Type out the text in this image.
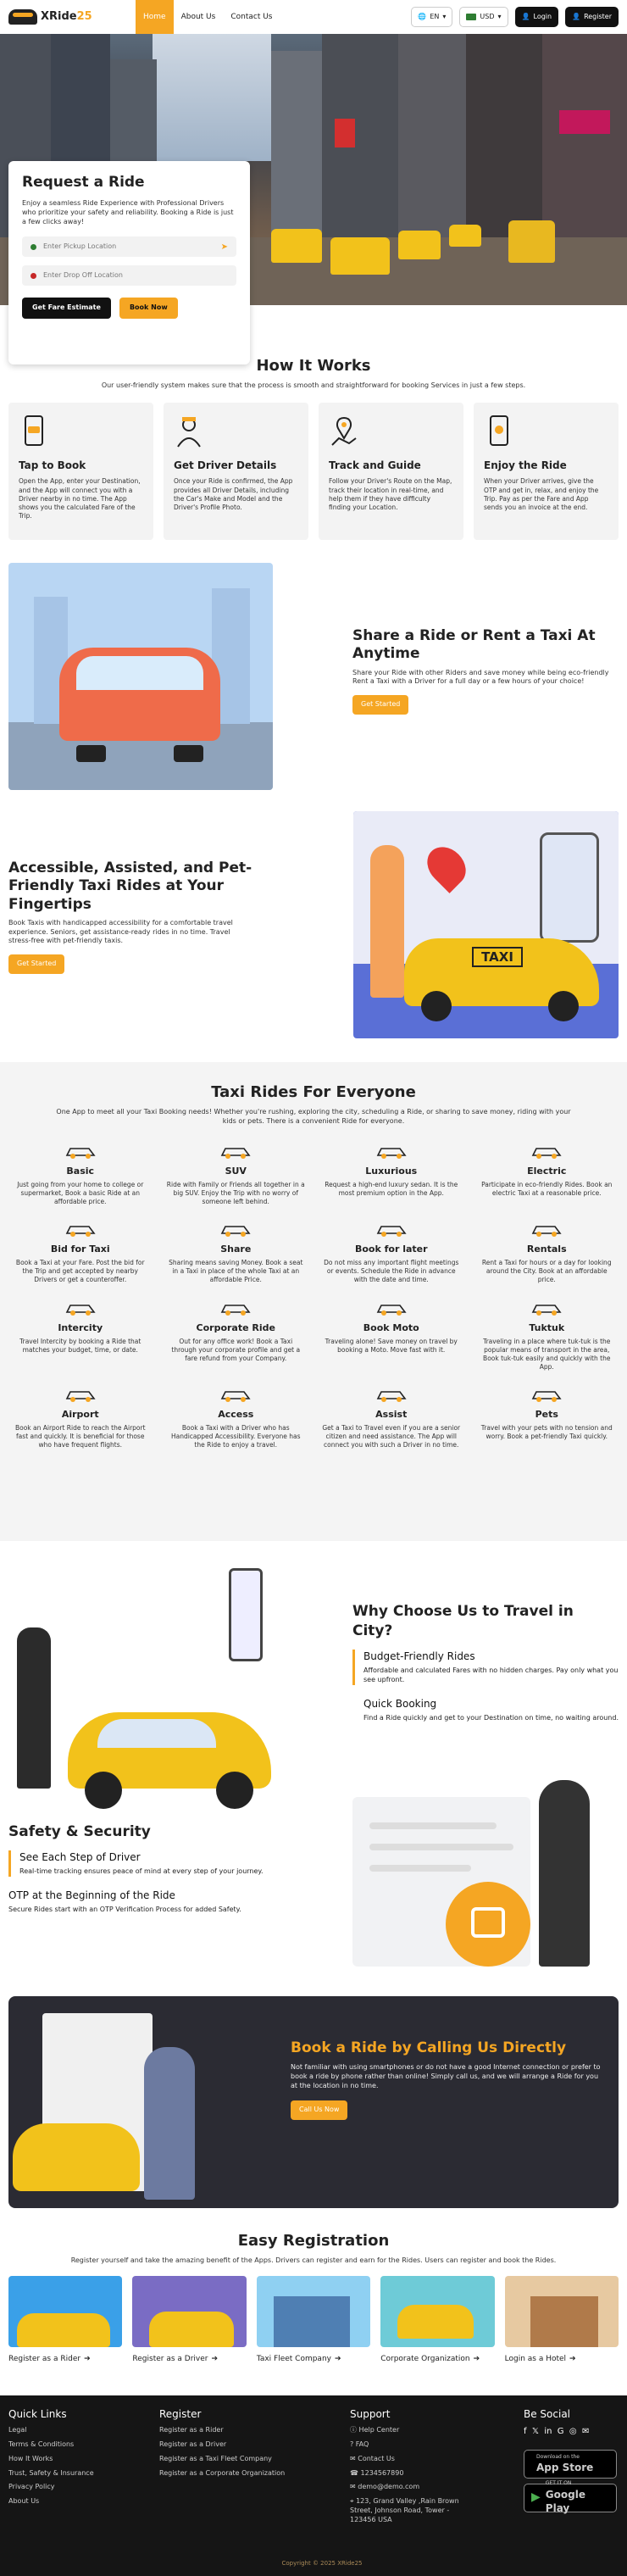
XRide25	Home	About Us	Contact Us	🌐 EN ▾	USD ▾	👤 Login	👤 Register
Request a Ride

Enjoy a seamless Ride Experience with Professional Drivers who prioritize your safety and reliability. Booking a Ride is just a few clicks away!

Enter Pickup Location	➤
Enter Drop Off Location
Get Fare Estimate	Book Now
How It Works
Our user-friendly system makes sure that the process is smooth and straightforward for booking Services in just a few steps.
Tap to Book

Open the App, enter your Destination, and the App will connect you with a Driver nearby in no time. The App shows you the calculated Fare of the Trip.

Get Driver Details

Once your Ride is confirmed, the App provides all Driver Details, including the Car's Make and Model and the Driver's Profile Photo.

Track and Guide

Follow your Driver's Route on the Map, track their location in real-time, and help them if they have difficulty finding your Location.

Enjoy the Ride

When your Driver arrives, give the OTP and get in, relax, and enjoy the Trip. Pay as per the Fare and App sends you an invoice at the end.

Share a Ride or Rent a Taxi At Anytime

Share your Ride with other Riders and save money while being eco-friendly Rent a Taxi with a Driver for a full day or a few hours of your choice!

Get Started
Accessible, Assisted, and Pet-Friendly Taxi Rides at Your Fingertips

Book Taxis with handicapped accessibility for a comfortable travel experience. Seniors, get assistance-ready rides in no time. Travel stress-free with pet-friendly taxis.

Get Started	TAXI
Taxi Rides For Everyone
One App to meet all your Taxi Booking needs! Whether you're rushing, exploring the city, scheduling a Ride, or sharing to save money, riding with your kids or pets. There is a convenient Ride for everyone.
Basic

Just going from your home to college or supermarket, Book a basic Ride at an affordable price.

SUV

Ride with Family or Friends all together in a big SUV. Enjoy the Trip with no worry of someone left behind.

Luxurious

Request a high-end luxury sedan. It is the most premium option in the App.

Electric

Participate in eco-friendly Rides. Book an electric Taxi at a reasonable price.

Bid for Taxi

Book a Taxi at your Fare. Post the bid for the Trip and get accepted by nearby Drivers or get a counteroffer.

Share

Sharing means saving Money. Book a seat in a Taxi in place of the whole Taxi at an affordable Price.

Book for later

Do not miss any important flight meetings or events. Schedule the Ride in advance with the date and time.

Rentals

Rent a Taxi for hours or a day for looking around the City. Book at an affordable price.

Intercity

Travel Intercity by booking a Ride that matches your budget, time, or date.

Corporate Ride

Out for any office work! Book a Taxi through your corporate profile and get a fare refund from your Company.

Book Moto

Traveling alone! Save money on travel by booking a Moto. Move fast with it.

Tuktuk

Traveling in a place where tuk-tuk is the popular means of transport in the area, Book tuk-tuk easily and quickly with the App.

Airport

Book an Airport Ride to reach the Airport fast and quickly. It is beneficial for those who have frequent flights.

Access

Book a Taxi with a Driver who has Handicapped Accessibility. Everyone has the Ride to enjoy a travel.

Assist

Get a Taxi to Travel even if you are a senior citizen and need assistance. The App will connect you with such a Driver in no time.

Pets

Travel with your pets with no tension and worry. Book a pet-friendly Taxi quickly.

Why Choose Us to Travel in City?
Budget-Friendly Rides

Affordable and calculated Fares with no hidden charges. Pay only what you see upfront.

Quick Booking

Find a Ride quickly and get to your Destination on time, no waiting around.

Safety & Security
See Each Step of Driver

Real-time tracking ensures peace of mind at every step of your journey.

OTP at the Beginning of the Ride

Secure Rides start with an OTP Verification Process for added Safety.

Book a Ride by Calling Us Directly

Not familiar with using smartphones or do not have a good Internet connection or prefer to book a ride by phone rather than online! Simply call us, and we will arrange a Ride for you at the location in no time.

Call Us Now
Easy Registration
Register yourself and take the amazing benefit of the Apps. Drivers can register and earn for the Rides. Users can register and book the Rides.
Register as a Rider ➔	Register as a Driver ➔	Taxi Fleet Company ➔	Corporate Organization ➔	Login as a Hotel ➔
Quick Links
Legal
Terms & Conditions
How It Works
Trust, Safety & Insurance
Privacy Policy
About Us
Register
Register as a Rider
Register as a Driver
Register as a Taxi Fleet Company
Register as a Corporate Organization
Support
ⓘ Help Center
? FAQ
✉ Contact Us
☎ 1234567890
✉ demo@demo.com
⌖ 123, Grand Valley ,Rain Brown Street, Johnson Road, Tower - 123456 USA
Be Social
f 𝕏 in G ◎ ✉
Download on the
App Store
▶
GET IT ON
Google Play
Copyright © 2025 XRide25
